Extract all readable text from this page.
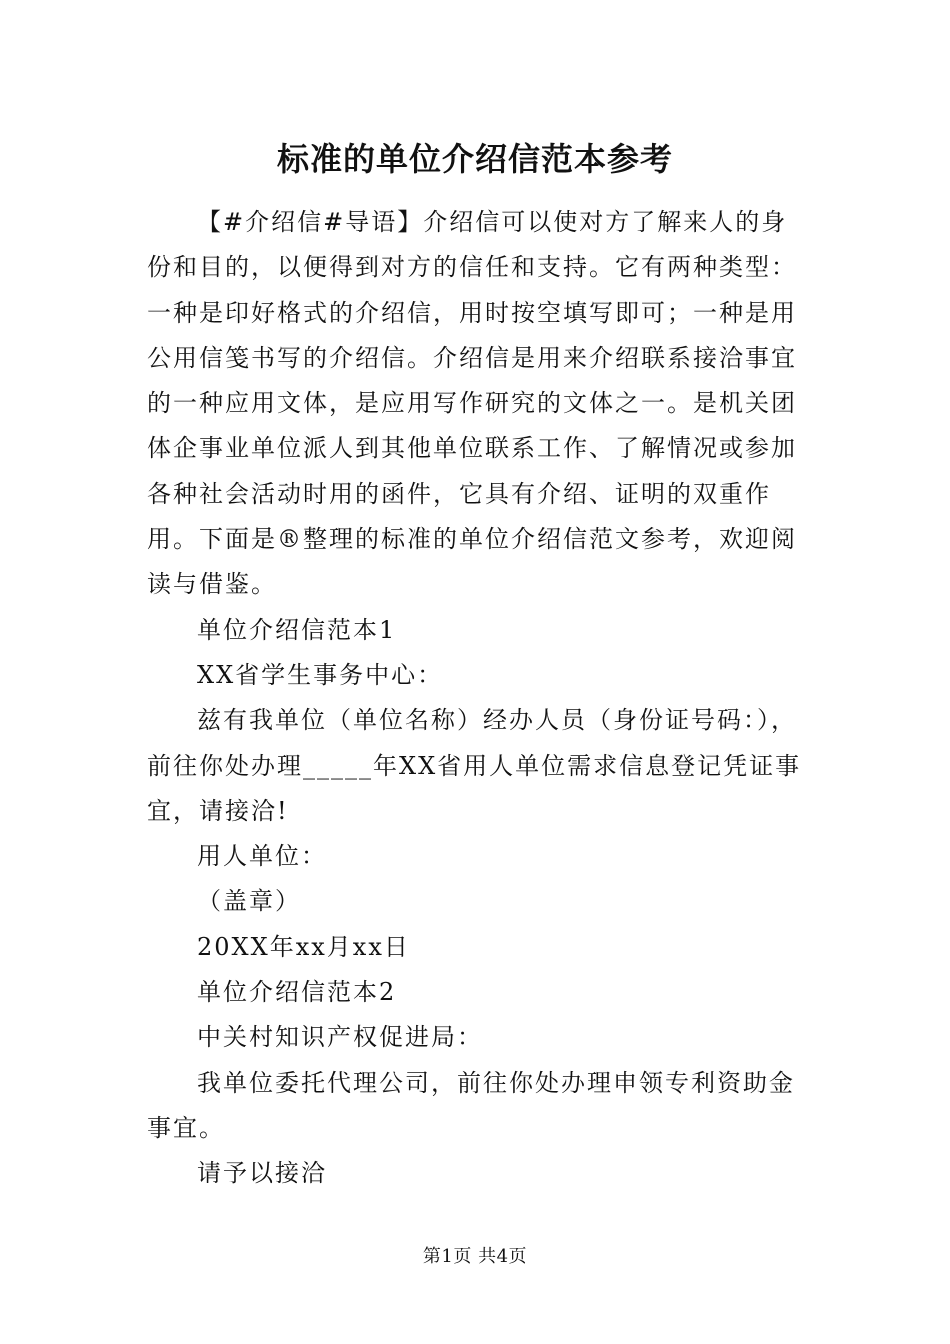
标准的单位介绍信范本参考

【#介绍信#导语】介绍信可以使对方了解来人的身份和目的，以便得到对方的信任和支持。它有两种类型：一种是印好格式的介绍信，用时按空填写即可；一种是用公用信笺书写的介绍信。介绍信是用来介绍联系接洽事宜的一种应用文体，是应用写作研究的文体之一。是机关团体企事业单位派人到其他单位联系工作、了解情况或参加各种社会活动时用的函件，它具有介绍、证明的双重作用。下面是®整理的标准的单位介绍信范文参考，欢迎阅读与借鉴。

单位介绍信范本1

XX省学生事务中心：

兹有我单位（单位名称）经办人员（身份证号码：），前往你处办理_____年XX省用人单位需求信息登记凭证事宜，请接洽!

用人单位：

（盖章）

20XX年xx月xx日

单位介绍信范本2

中关村知识产权促进局：

我单位委托代理公司，前往你处办理申领专利资助金事宜。

请予以接洽

第1页 共4页
